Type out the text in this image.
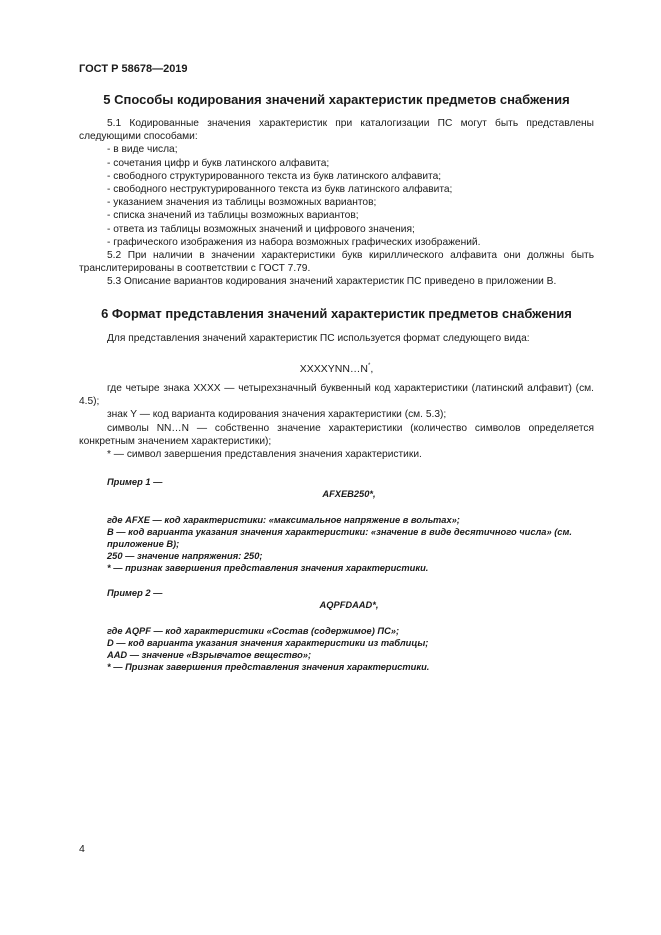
ГОСТ Р 58678—2019
5 Способы кодирования значений характеристик предметов снабжения

5.1 Кодированные значения характеристик при каталогизации ПС могут быть представлены следующими способами:

- в виде числа;

- сочетания цифр и букв латинского алфавита;

- свободного структурированного текста из букв латинского алфавита;

- свободного неструктурированного текста из букв латинского алфавита;

- указанием значения из таблицы возможных вариантов;

- списка значений из таблицы возможных вариантов;

- ответа из таблицы возможных значений и цифрового значения;

- графического изображения из набора возможных графических изображений.

5.2 При наличии в значении характеристики букв кириллического алфавита они должны быть транслитерированы в соответствии с ГОСТ 7.79.

5.3 Описание вариантов кодирования значений характеристик ПС приведено в приложении В.

6 Формат представления значений характеристик предметов снабжения

Для представления значений характеристик ПС используется формат следующего вида:

XXXXYNN…N*,

где четыре знака XXXX — четырехзначный буквенный код характеристики (латинский алфавит) (см. 4.5);

знак Y — код варианта кодирования значения характеристики (см. 5.3);

символы NN…N — собственно значение характеристики (количество символов определяется конкретным значением характеристики);

* — символ завершения представления значения характеристики.

Пример 1 —

AFXEB250*,

где AFXE — код характеристики: «максимальное напряжение в вольтах»;

B — код варианта указания значения характеристики: «значение в виде десятичного числа» (см. приложение В);

250 — значение напряжения: 250;

* — признак завершения представления значения характеристики.

Пример 2 —

AQPFDAAD*,

где AQPF — код характеристики «Состав (содержимое) ПС»;

D — код варианта указания значения характеристики из таблицы;

AAD — значение «Взрывчатое вещество»;

* — Признак завершения представления значения характеристики.

4
